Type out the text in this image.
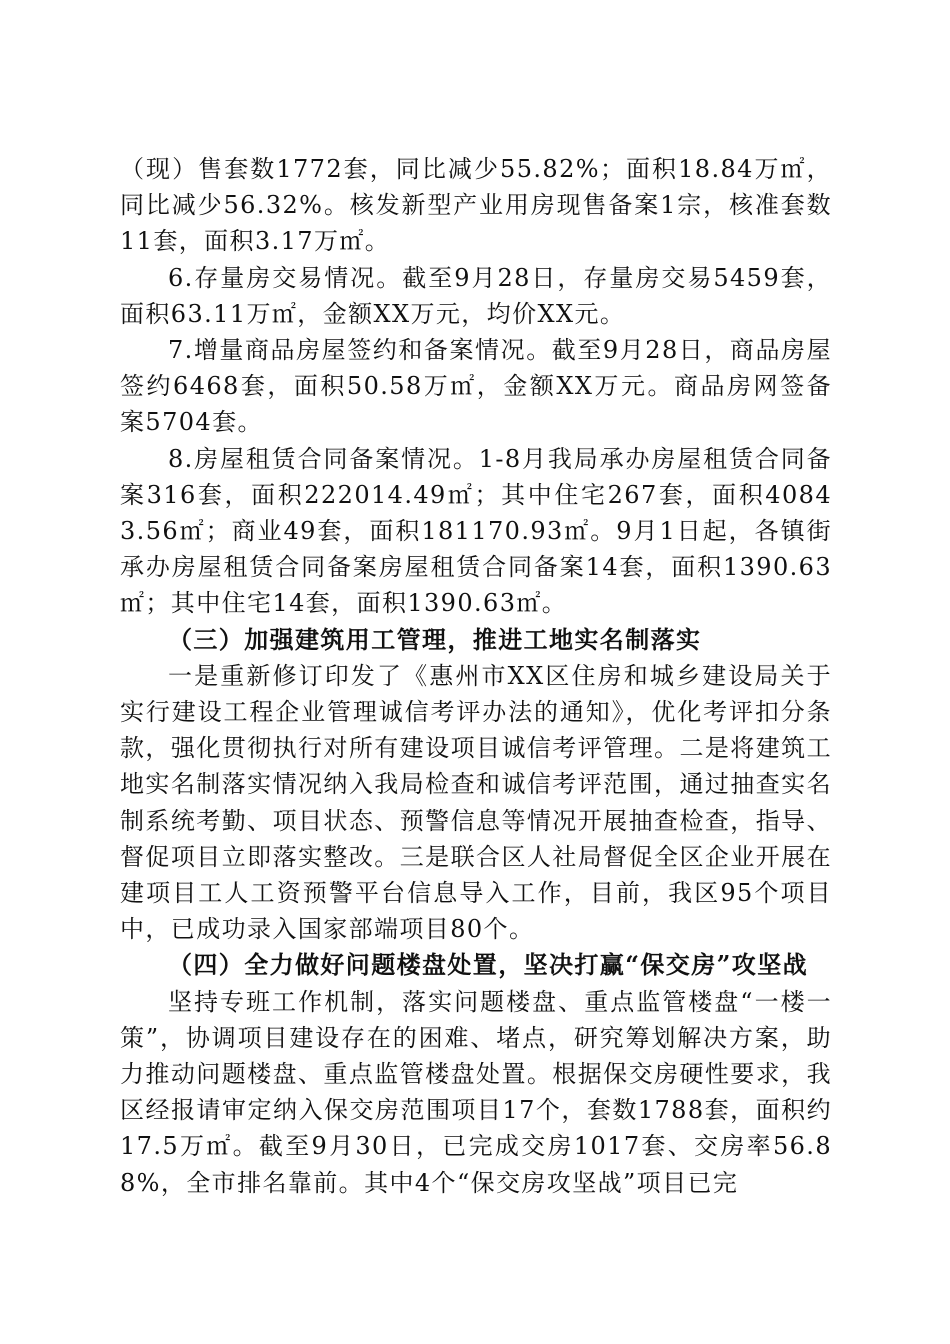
（现）售套数1772套，同比减少55.82%；面积18.84万㎡，同比减少56.32%。核发新型产业用房现售备案1宗，核准套数11套，面积3.17万㎡。

6.存量房交易情况。截至9月28日，存量房交易5459套，面积63.11万㎡，金额XX万元，均价XX元。

7.增量商品房屋签约和备案情况。截至9月28日，商品房屋签约6468套，面积50.58万㎡，金额XX万元。商品房网签备案5704套。

8.房屋租赁合同备案情况。1-8月我局承办房屋租赁合同备案316套，面积222014.49㎡；其中住宅267套，面积40843.56㎡；商业49套，面积181170.93㎡。9月1日起，各镇街承办房屋租赁合同备案房屋租赁合同备案14套，面积1390.63㎡；其中住宅14套，面积1390.63㎡。

（三）加强建筑用工管理，推进工地实名制落实

一是重新修订印发了《惠州市XX区住房和城乡建设局关于实行建设工程企业管理诚信考评办法的通知》，优化考评扣分条款，强化贯彻执行对所有建设项目诚信考评管理。二是将建筑工地实名制落实情况纳入我局检查和诚信考评范围，通过抽查实名制系统考勤、项目状态、预警信息等情况开展抽查检查，指导、督促项目立即落实整改。三是联合区人社局督促全区企业开展在建项目工人工资预警平台信息导入工作，目前，我区95个项目中，已成功录入国家部端项目80个。

（四）全力做好问题楼盘处置，坚决打赢“保交房”攻坚战

坚持专班工作机制，落实问题楼盘、重点监管楼盘“一楼一策”，协调项目建设存在的困难、堵点，研究筹划解决方案，助力推动问题楼盘、重点监管楼盘处置。根据保交房硬性要求，我区经报请审定纳入保交房范围项目17个，套数1788套，面积约17.5万㎡。截至9月30日，已完成交房1017套、交房率56.88%，全市排名靠前。其中4个“保交房攻坚战”项目已完
